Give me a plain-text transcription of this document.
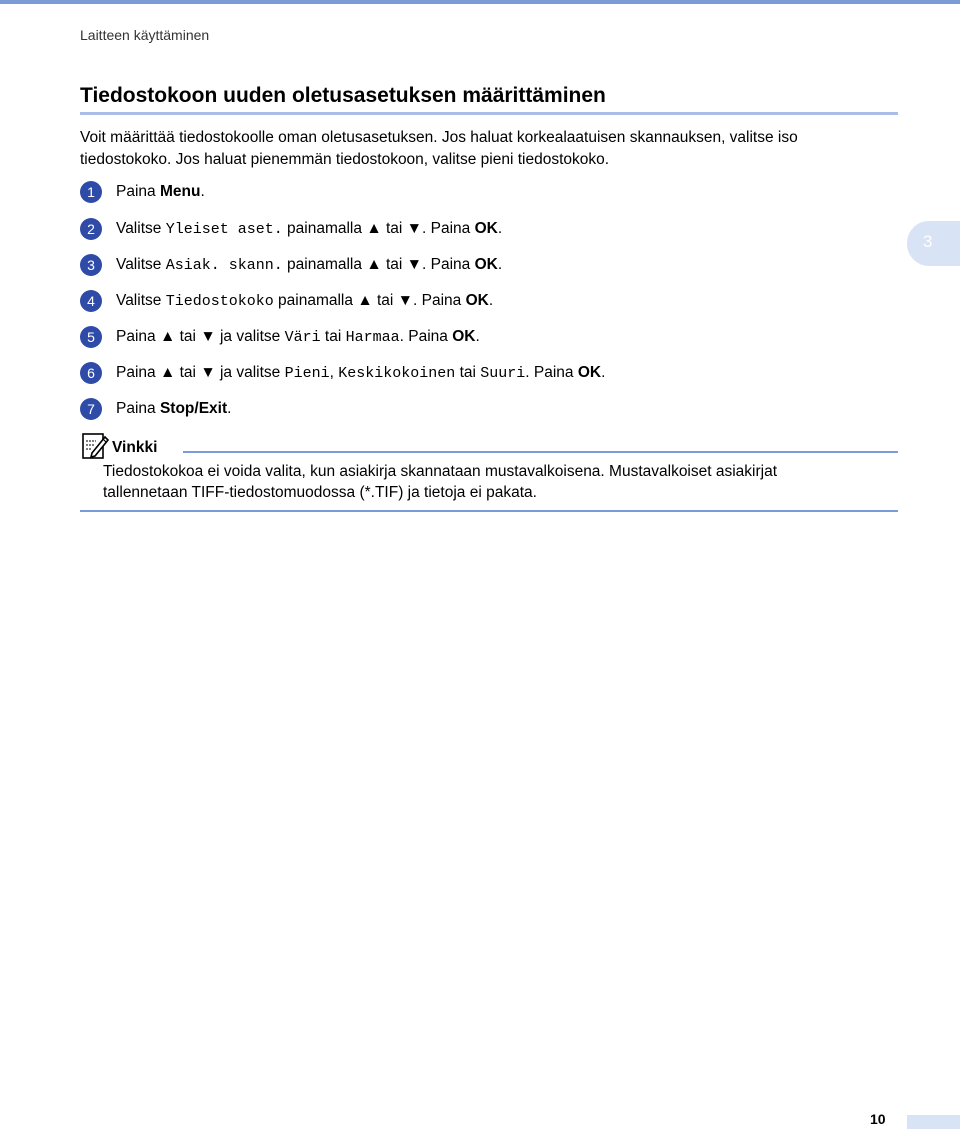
Laitteen käyttäminen
Tiedostokoon uuden oletusasetuksen määrittäminen
Voit määrittää tiedostokoolle oman oletusasetuksen. Jos haluat korkealaatuisen skannauksen, valitse iso
tiedostokoko. Jos haluat pienemmän tiedostokoon, valitse pieni tiedostokoko.
3
1	Paina Menu.
2	Valitse Yleiset aset. painamalla ▲ tai ▼. Paina OK.
3	Valitse Asiak. skann. painamalla ▲ tai ▼. Paina OK.
4	Valitse Tiedostokoko painamalla ▲ tai ▼. Paina OK.
5	Paina ▲ tai ▼ ja valitse Väri tai Harmaa. Paina OK.
6	Paina ▲ tai ▼ ja valitse Pieni, Keskikokoinen tai Suuri. Paina OK.
7	Paina Stop/Exit.
Vinkki
Tiedostokokoa ei voida valita, kun asiakirja skannataan mustavalkoisena. Mustavalkoiset asiakirjat
tallennetaan TIFF-tiedostomuodossa (*.TIF) ja tietoja ei pakata.
10
